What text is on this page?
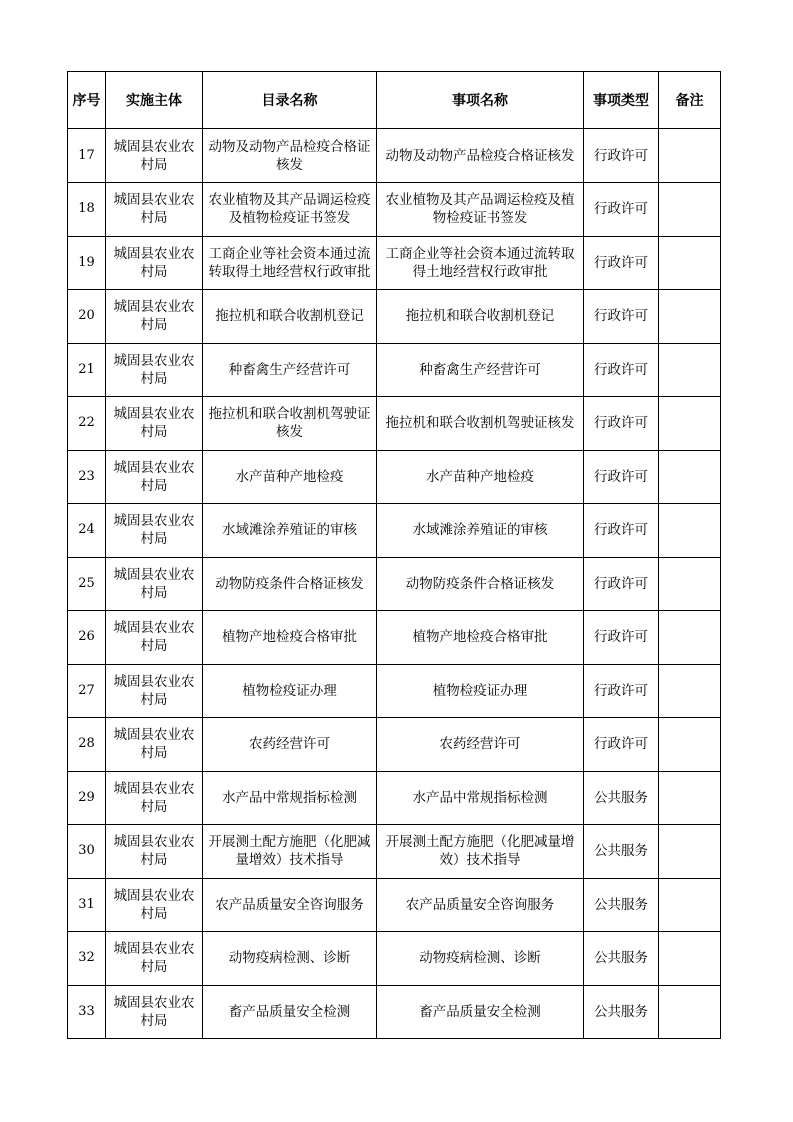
序号	实施主体	目录名称	事项名称	事项类型	备注
17	城固县农业农村局	动物及动物产品检疫合格证核发	动物及动物产品检疫合格证核发	行政许可	
18	城固县农业农村局	农业植物及其产品调运检疫及植物检疫证书签发	农业植物及其产品调运检疫及植物检疫证书签发	行政许可	
19	城固县农业农村局	工商企业等社会资本通过流转取得土地经营权行政审批	工商企业等社会资本通过流转取得土地经营权行政审批	行政许可	
20	城固县农业农村局	拖拉机和联合收割机登记	拖拉机和联合收割机登记	行政许可	
21	城固县农业农村局	种畜禽生产经营许可	种畜禽生产经营许可	行政许可	
22	城固县农业农村局	拖拉机和联合收割机驾驶证核发	拖拉机和联合收割机驾驶证核发	行政许可	
23	城固县农业农村局	水产苗种产地检疫	水产苗种产地检疫	行政许可	
24	城固县农业农村局	水域滩涂养殖证的审核	水域滩涂养殖证的审核	行政许可	
25	城固县农业农村局	动物防疫条件合格证核发	动物防疫条件合格证核发	行政许可	
26	城固县农业农村局	植物产地检疫合格审批	植物产地检疫合格审批	行政许可	
27	城固县农业农村局	植物检疫证办理	植物检疫证办理	行政许可	
28	城固县农业农村局	农药经营许可	农药经营许可	行政许可	
29	城固县农业农村局	水产品中常规指标检测	水产品中常规指标检测	公共服务	
30	城固县农业农村局	开展测土配方施肥（化肥减量增效）技术指导	开展测土配方施肥（化肥减量增效）技术指导	公共服务	
31	城固县农业农村局	农产品质量安全咨询服务	农产品质量安全咨询服务	公共服务	
32	城固县农业农村局	动物疫病检测、诊断	动物疫病检测、诊断	公共服务	
33	城固县农业农村局	畜产品质量安全检测	畜产品质量安全检测	公共服务	
